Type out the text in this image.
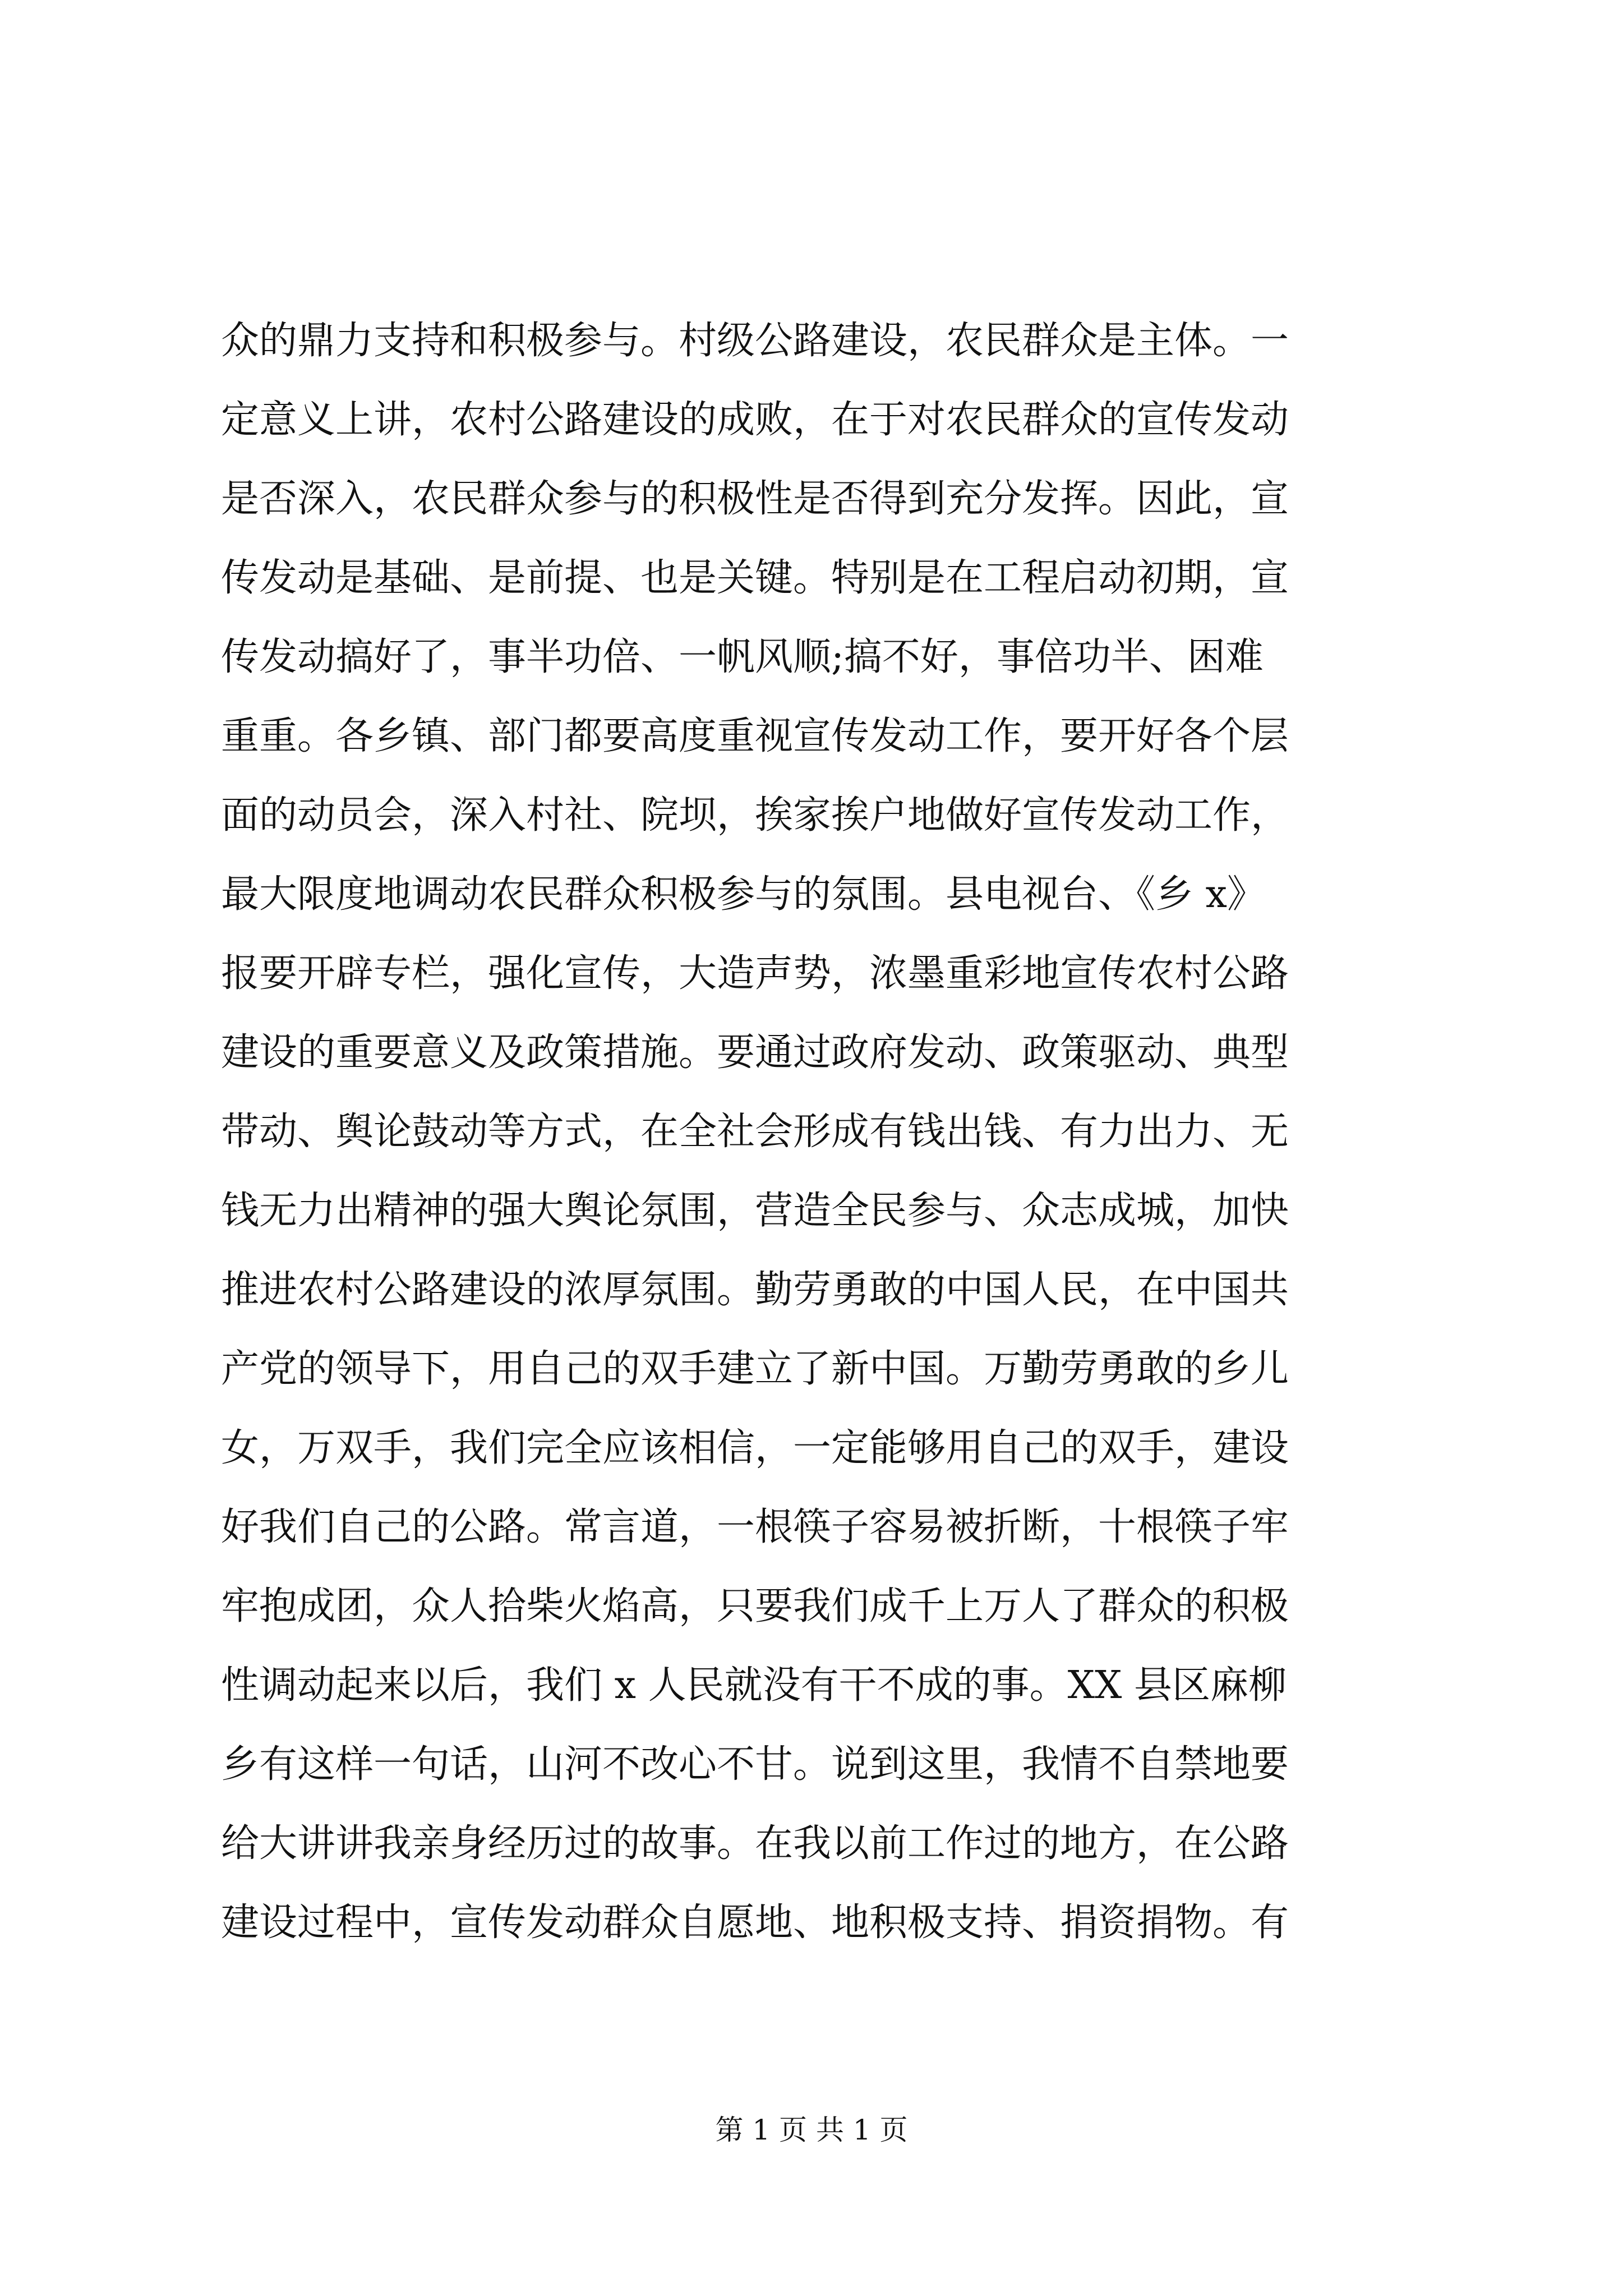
众的鼎力支持和积极参与。村级公路建设，农民群众是主体。一
定意义上讲，农村公路建设的成败，在于对农民群众的宣传发动
是否深入，农民群众参与的积极性是否得到充分发挥。因此，宣
传发动是基础、是前提、也是关键。特别是在工程启动初期，宣
传发动搞好了，事半功倍、一帆风顺;搞不好，事倍功半、困难
重重。各乡镇、部门都要高度重视宣传发动工作，要开好各个层
面的动员会，深入村社、院坝，挨家挨户地做好宣传发动工作，
最大限度地调动农民群众积极参与的氛围。县电视台、《乡 x》
报要开辟专栏，强化宣传，大造声势，浓墨重彩地宣传农村公路
建设的重要意义及政策措施。要通过政府发动、政策驱动、典型
带动、舆论鼓动等方式，在全社会形成有钱出钱、有力出力、无
钱无力出精神的强大舆论氛围，营造全民参与、众志成城，加快
推进农村公路建设的浓厚氛围。勤劳勇敢的中国人民，在中国共
产党的领导下，用自己的双手建立了新中国。万勤劳勇敢的乡儿
女，万双手，我们完全应该相信，一定能够用自己的双手，建设
好我们自己的公路。常言道，一根筷子容易被折断，十根筷子牢
牢抱成团，众人拾柴火焰高，只要我们成千上万人了群众的积极
性调动起来以后，我们 x 人民就没有干不成的事。XX 县区麻柳
乡有这样一句话，山河不改心不甘。说到这里，我情不自禁地要
给大讲讲我亲身经历过的故事。在我以前工作过的地方，在公路
建设过程中，宣传发动群众自愿地、地积极支持、捐资捐物。有
第 1 页 共 1 页
